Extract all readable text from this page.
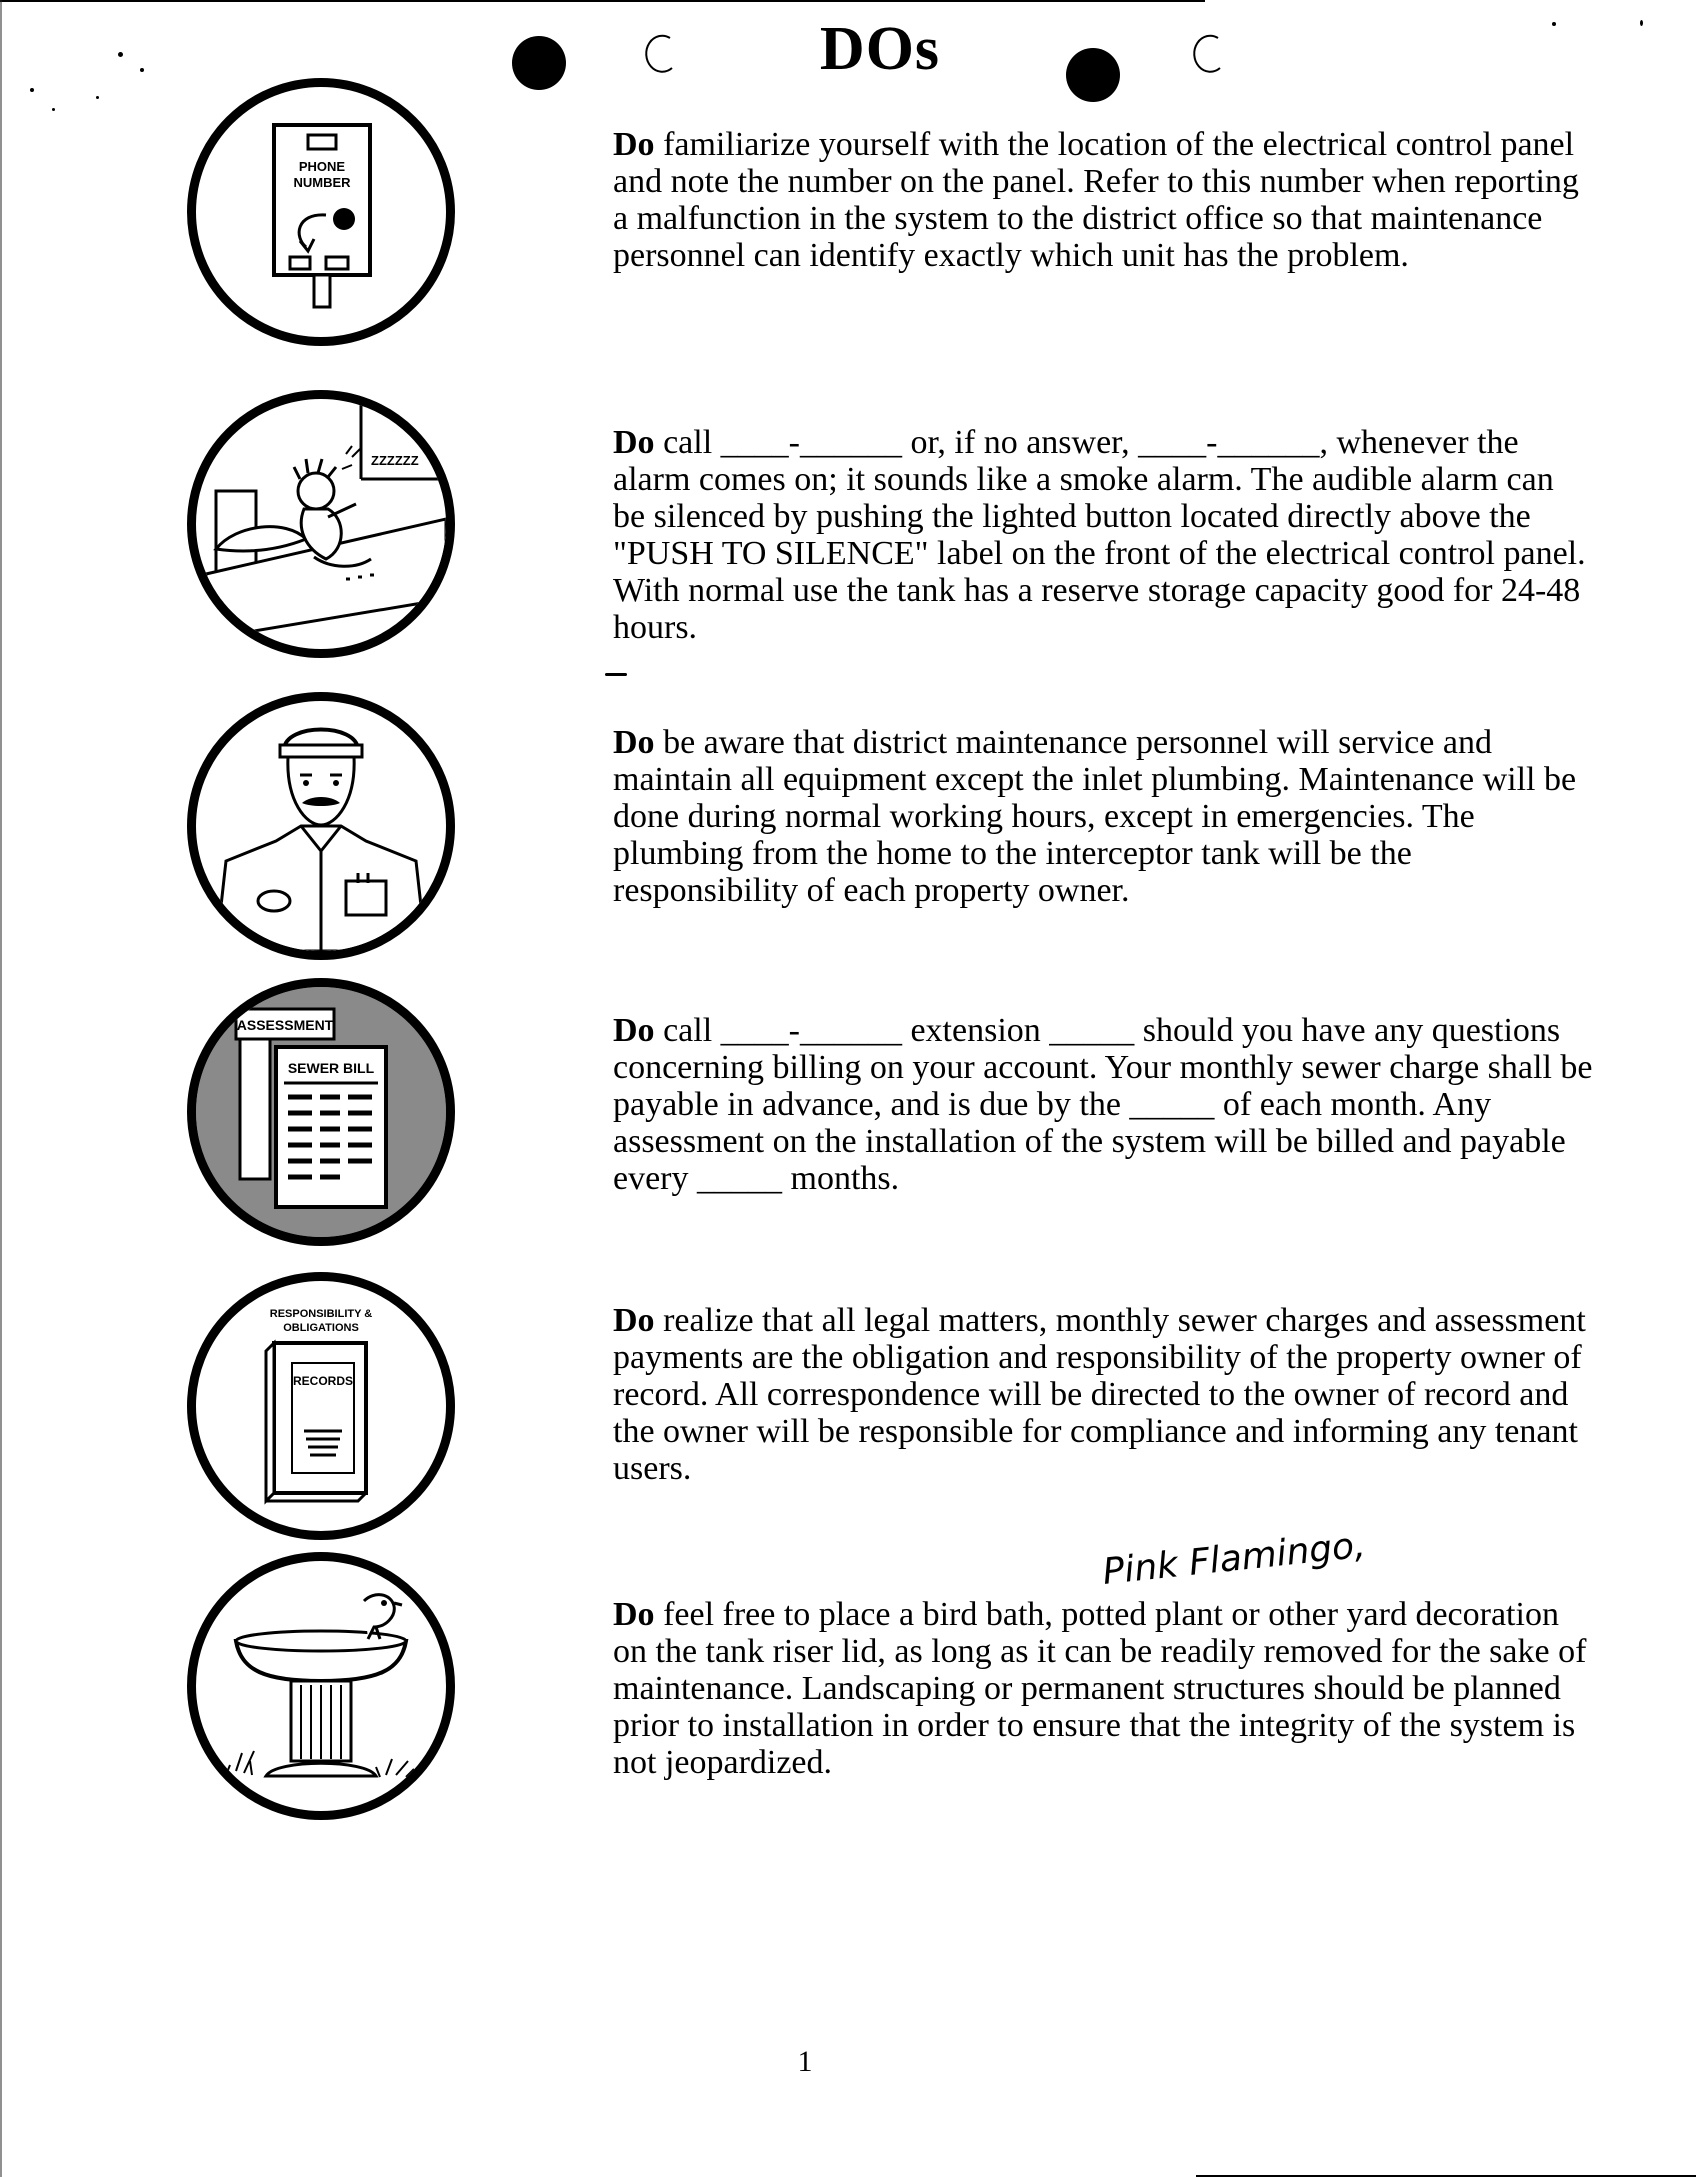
DOs
PHONE
NUMBER
ZZZZZZ
ASSESSMENT
SEWER BILL
RESPONSIBILITY &
OBLIGATIONS
RECORDS
Do familiarize yourself with the location of the electrical control panel and note the number on the panel. Refer to this number when reporting a malfunction in the system to the district office so that maintenance personnel can identify exactly which unit has the problem.
Do call ____-______ or, if no answer, ____-______, whenever the alarm comes on; it sounds like a smoke alarm. The audible alarm can be silenced by pushing the lighted button located directly above the "PUSH TO SILENCE" label on the front of the electrical control panel. With normal use the tank has a reserve storage capacity good for 24-48 hours.
Do be aware that district maintenance personnel will service and maintain all equipment except the inlet plumbing. Maintenance will be done during normal working hours, except in emergencies. The plumbing from the home to the interceptor tank will be the responsibility of each property owner.
Do call ____-______ extension _____ should you have any questions concerning billing on your account. Your monthly sewer charge shall be payable in advance, and is due by the _____ of each month. Any assessment on the installation of the system will be billed and payable every _____ months.
Do realize that all legal matters, monthly sewer charges and assessment payments are the obligation and responsibility of the property owner of record. All correspondence will be directed to the owner of record and the owner will be responsible for compliance and informing any tenant users.
Pink Flamingo,
Do feel free to place a bird bath, potted plant or other yard decoration on the tank riser lid, as long as it can be readily removed for the sake of maintenance. Landscaping or permanent structures should be planned prior to installation in order to ensure that the integrity of the system is not jeopardized.
1
